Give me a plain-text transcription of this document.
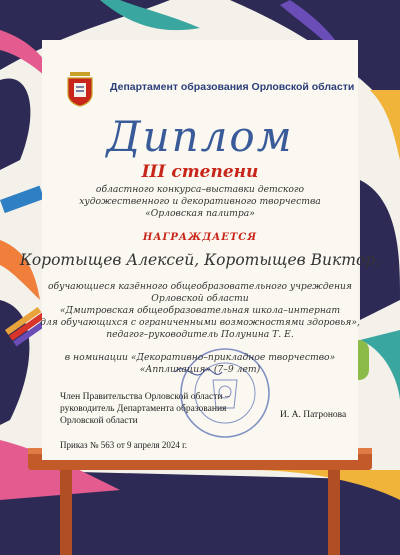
Департамент образования Орловской области
Диплом
III степени
областного конкурса–выставки детского
художественного и декоративного творчества
«Орловская палитра»
НАГРАЖДАЕТСЯ
Коротыщев Алексей, Коротыщев Виктор,
обучающиеся казённого общеобразовательного учреждения
Орловской области
«Дмитровская общеобразовательная школа–интернат
для обучающихся с ограниченными возможностями здоровья»,
педагог–руководитель Полунина Т. Е.
в номинации «Декоративно–прикладное творчество»
«Аппликация» (7–9 лет)
Член Правительства Орловской области –
руководитель Департамента образования
Орловской области
И. А. Патронова
Приказ № 563 от 9 апреля 2024 г.
